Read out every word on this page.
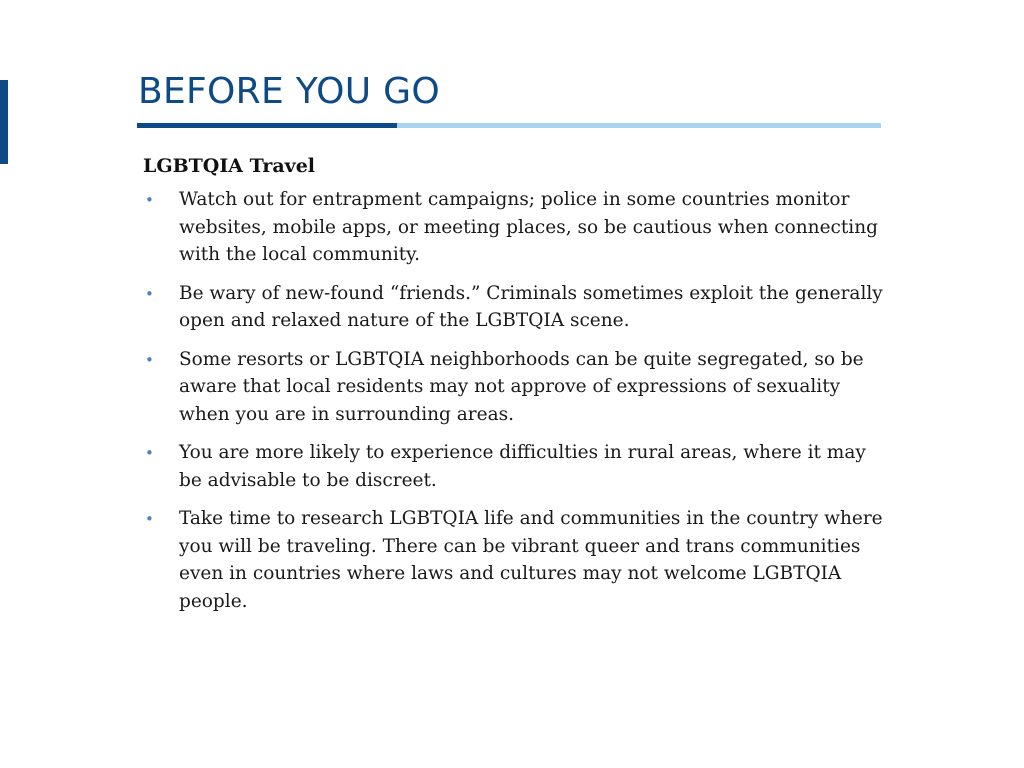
BEFORE YOU GO
LGBTQIA Travel
• Watch out for entrapment campaigns; police in some countries monitor websites, mobile apps, or meeting places, so be cautious when connecting with the local community.
• Be wary of new-found “friends.” Criminals sometimes exploit the generally open and relaxed nature of the LGBTQIA scene.
• Some resorts or LGBTQIA neighborhoods can be quite segregated, so be aware that local residents may not approve of expressions of sexuality when you are in surrounding areas.
• You are more likely to experience difficulties in rural areas, where it may be advisable to be discreet.
• Take time to research LGBTQIA life and communities in the country where you will be traveling. There can be vibrant queer and trans communities even in countries where laws and cultures may not welcome LGBTQIA people.
